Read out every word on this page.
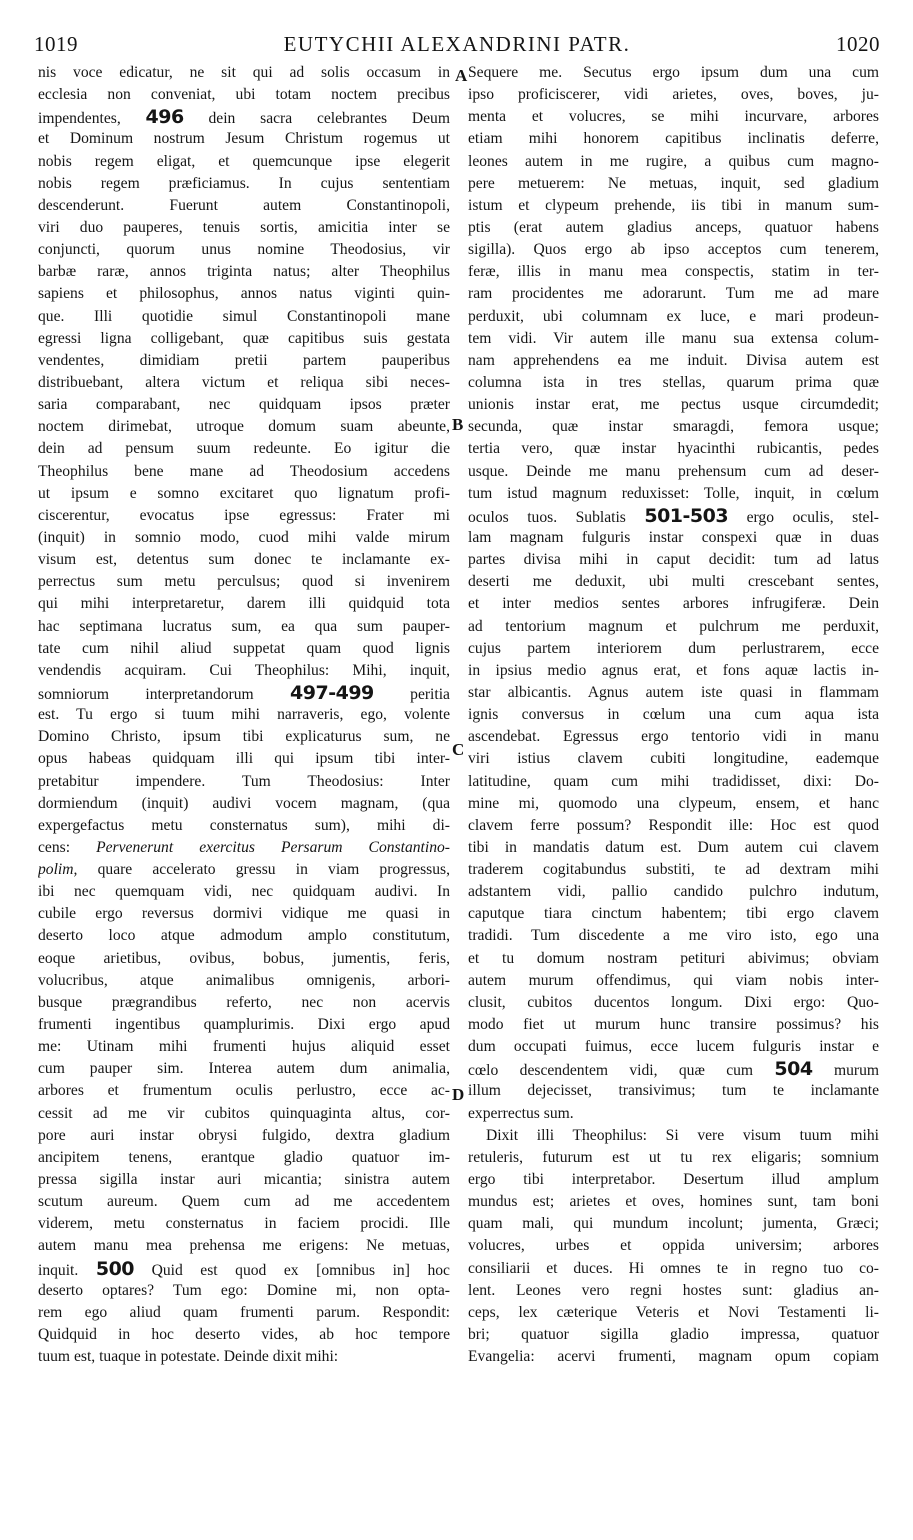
1019	EUTYCHII ALEXANDRINI PATR.	1020
A
B
C
D
nis voce edicatur, ne sit qui ad solis occasum in
ecclesia non conveniat, ubi totam noctem precibus
impendentes, 496 dein sacra celebrantes Deum
et Dominum nostrum Jesum Christum rogemus ut
nobis regem eligat, et quemcunque ipse elegerit
nobis regem præficiamus. In cujus sententiam
descenderunt. Fuerunt autem Constantinopoli,
viri duo pauperes, tenuis sortis, amicitia inter se
conjuncti, quorum unus nomine Theodosius, vir
barbæ raræ, annos triginta natus; alter Theophilus
sapiens et philosophus, annos natus viginti quin-
que. Illi quotidie simul Constantinopoli mane
egressi ligna colligebant, quæ capitibus suis gestata
vendentes, dimidiam pretii partem pauperibus
distribuebant, altera victum et reliqua sibi neces-
saria comparabant, nec quidquam ipsos præter
noctem dirimebat, utroque domum suam abeunte,
dein ad pensum suum redeunte. Eo igitur die
Theophilus bene mane ad Theodosium accedens
ut ipsum e somno excitaret quo lignatum profi-
ciscerentur, evocatus ipse egressus: Frater mi
(inquit) in somnio modo, cuod mihi valde mirum
visum est, detentus sum donec te inclamante ex-
perrectus sum metu perculsus; quod si invenirem
qui mihi interpretaretur, darem illi quidquid tota
hac septimana lucratus sum, ea qua sum pauper-
tate cum nihil aliud suppetat quam quod lignis
vendendis acquiram. Cui Theophilus: Mihi, inquit,
somniorum interpretandorum 497-499 peritia
est. Tu ergo si tuum mihi narraveris, ego, volente
Domino Christo, ipsum tibi explicaturus sum, ne
opus habeas quidquam illi qui ipsum tibi inter-
pretabitur impendere. Tum Theodosius: Inter
dormiendum (inquit) audivi vocem magnam, (qua
expergefactus metu consternatus sum), mihi di-
cens: Pervenerunt exercitus Persarum Constantino-
polim, quare accelerato gressu in viam progressus,
ibi nec quemquam vidi, nec quidquam audivi. In
cubile ergo reversus dormivi vidique me quasi in
deserto loco atque admodum amplo constitutum,
eoque arietibus, ovibus, bobus, jumentis, feris,
volucribus, atque animalibus omnigenis, arbori-
busque prægrandibus referto, nec non acervis
frumenti ingentibus quamplurimis. Dixi ergo apud
me: Utinam mihi frumenti hujus aliquid esset
cum pauper sim. Interea autem dum animalia,
arbores et frumentum oculis perlustro, ecce ac-
cessit ad me vir cubitos quinquaginta altus, cor-
pore auri instar obrysi fulgido, dextra gladium
ancipitem tenens, erantque gladio quatuor im-
pressa sigilla instar auri micantia; sinistra autem
scutum aureum. Quem cum ad me accedentem
viderem, metu consternatus in faciem procidi. Ille
autem manu mea prehensa me erigens: Ne metuas,
inquit. 500 Quid est quod ex [omnibus in] hoc
deserto optares? Tum ego: Domine mi, non opta-
rem ego aliud quam frumenti parum. Respondit:
Quidquid in hoc deserto vides, ab hoc tempore
tuum est, tuaque in potestate. Deinde dixit mihi:
Sequere me. Secutus ergo ipsum dum una cum
ipso proficiscerer, vidi arietes, oves, boves, ju-
menta et volucres, se mihi incurvare, arbores
etiam mihi honorem capitibus inclinatis deferre,
leones autem in me rugire, a quibus cum magno-
pere metuerem: Ne metuas, inquit, sed gladium
istum et clypeum prehende, iis tibi in manum sum-
ptis (erat autem gladius anceps, quatuor habens
sigilla). Quos ergo ab ipso acceptos cum tenerem,
feræ, illis in manu mea conspectis, statim in ter-
ram procidentes me adorarunt. Tum me ad mare
perduxit, ubi columnam ex luce, e mari prodeun-
tem vidi. Vir autem ille manu sua extensa colum-
nam apprehendens ea me induit. Divisa autem est
columna ista in tres stellas, quarum prima quæ
unionis instar erat, me pectus usque circumdedit;
secunda, quæ instar smaragdi, femora usque;
tertia vero, quæ instar hyacinthi rubicantis, pedes
usque. Deinde me manu prehensum cum ad deser-
tum istud magnum reduxisset: Tolle, inquit, in cœlum
oculos tuos. Sublatis 501-503 ergo oculis, stel-
lam magnam fulguris instar conspexi quæ in duas
partes divisa mihi in caput decidit: tum ad latus
deserti me deduxit, ubi multi crescebant sentes,
et inter medios sentes arbores infrugiferæ. Dein
ad tentorium magnum et pulchrum me perduxit,
cujus partem interiorem dum perlustrarem, ecce
in ipsius medio agnus erat, et fons aquæ lactis in-
star albicantis. Agnus autem iste quasi in flammam
ignis conversus in cœlum una cum aqua ista
ascendebat. Egressus ergo tentorio vidi in manu
viri istius clavem cubiti longitudine, eademque
latitudine, quam cum mihi tradidisset, dixi: Do-
mine mi, quomodo una clypeum, ensem, et hanc
clavem ferre possum? Respondit ille: Hoc est quod
tibi in mandatis datum est. Dum autem cui clavem
traderem cogitabundus substiti, te ad dextram mihi
adstantem vidi, pallio candido pulchro indutum,
caputque tiara cinctum habentem; tibi ergo clavem
tradidi. Tum discedente a me viro isto, ego una
et tu domum nostram petituri abivimus; obviam
autem murum offendimus, qui viam nobis inter-
clusit, cubitos ducentos longum. Dixi ergo: Quo-
modo fiet ut murum hunc transire possimus? his
dum occupati fuimus, ecce lucem fulguris instar e
cœlo descendentem vidi, quæ cum 504 murum
illum dejecisset, transivimus; tum te inclamante
experrectus sum.
Dixit illi Theophilus: Si vere visum tuum mihi
retuleris, futurum est ut tu rex eligaris; somnium
ergo tibi interpretabor. Desertum illud amplum
mundus est; arietes et oves, homines sunt, tam boni
quam mali, qui mundum incolunt; jumenta, Græci;
volucres, urbes et oppida universim; arbores
consiliarii et duces. Hi omnes te in regno tuo co-
lent. Leones vero regni hostes sunt: gladius an-
ceps, lex cæterique Veteris et Novi Testamenti li-
bri; quatuor sigilla gladio impressa, quatuor
Evangelia: acervi frumenti, magnam opum copiam
